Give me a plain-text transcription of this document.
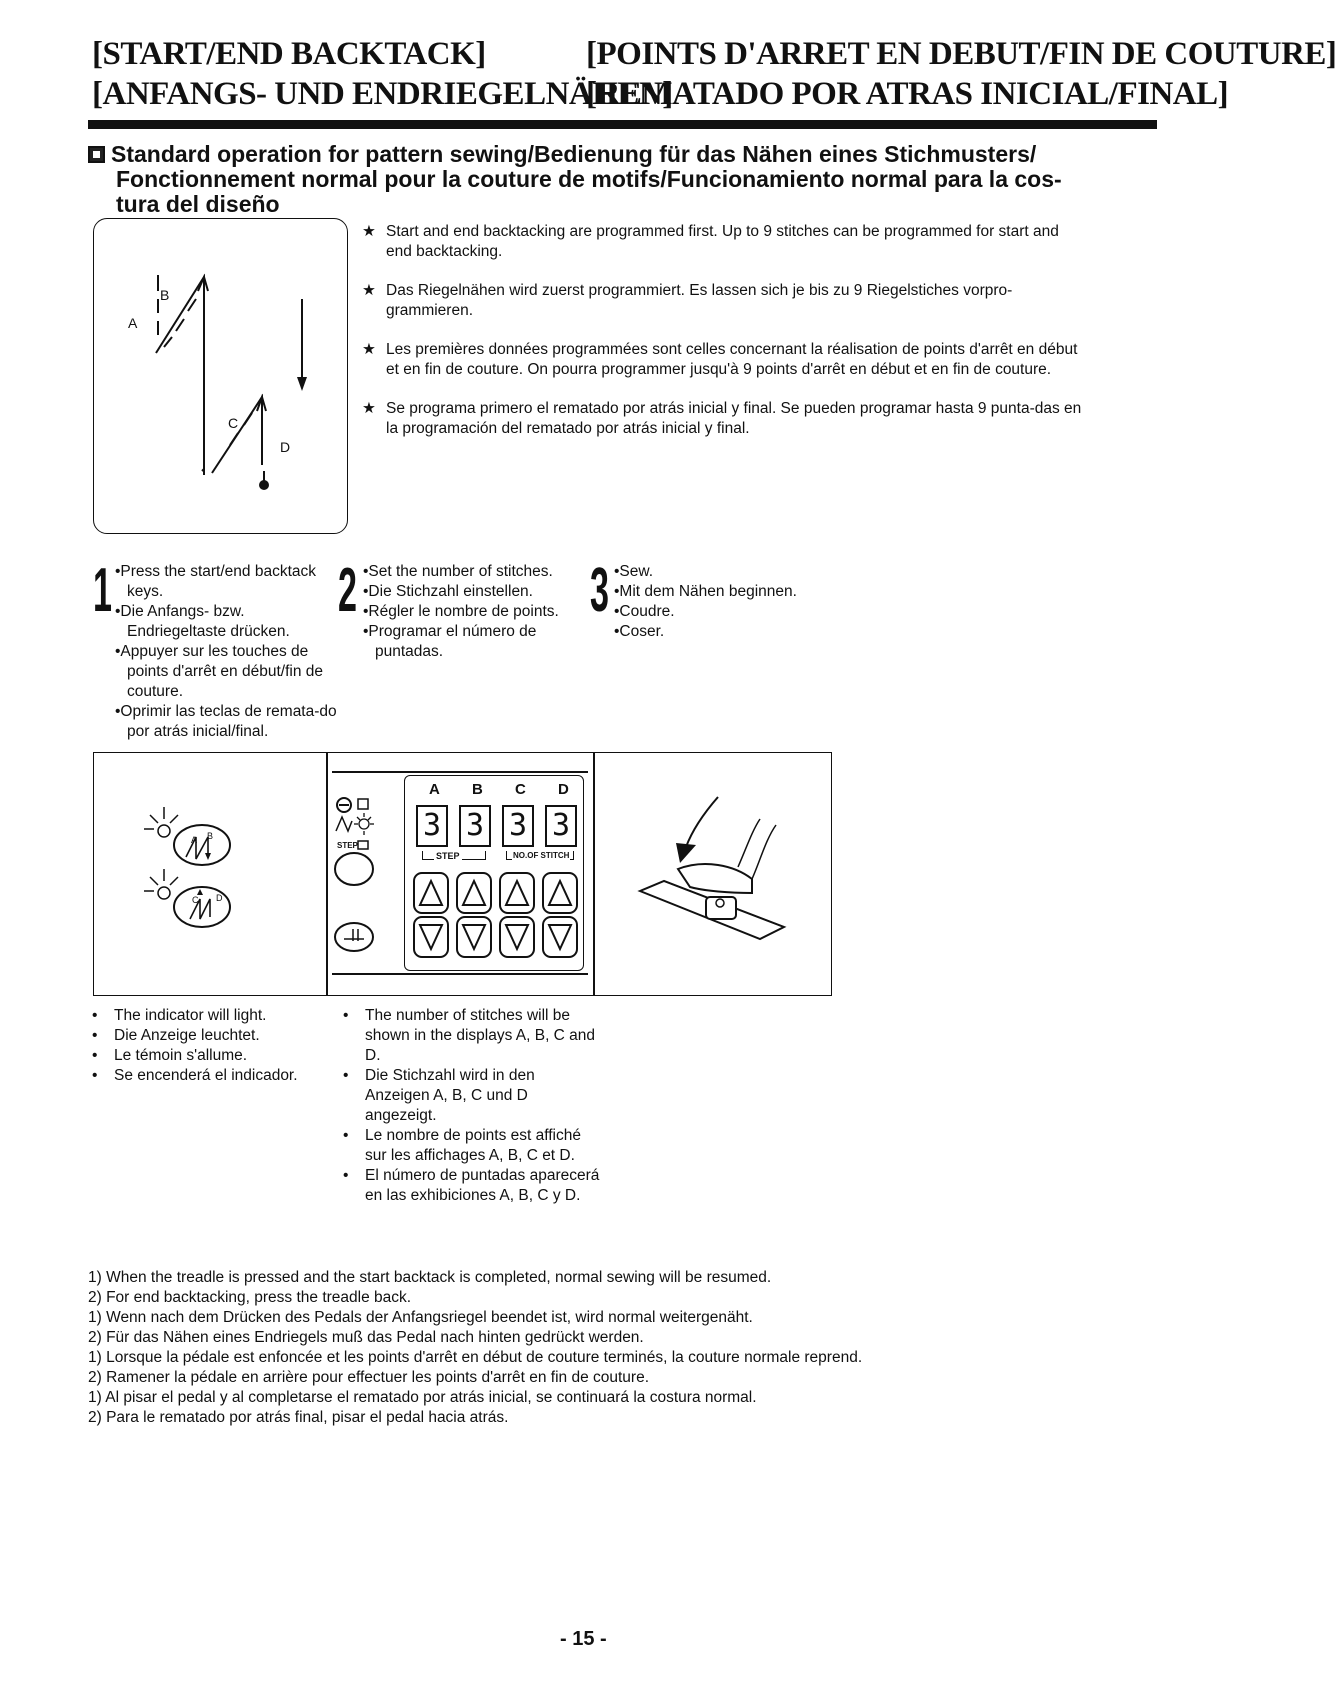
[START/END BACKTACK]	[POINTS D'ARRET EN DEBUT/FIN DE COUTURE]
[ANFANGS- UND ENDRIEGELNÄHEN]
[REMATADO POR ATRAS INICIAL/FINAL]
Standard operation for pattern sewing/Bedienung für das Nähen eines Stichmusters/
Fonctionnement normal pour la couture de motifs/Funcionamiento normal para la cos-
tura del diseño
A
B
C
D
★ Start and end backtacking are programmed first. Up to 9 stitches can be programmed for start and end backtacking.
★ Das Riegelnähen wird zuerst programmiert. Es lassen sich je bis zu 9 Riegelstiches vorpro-grammieren.
★ Les premières données programmées sont celles concernant la réalisation de points d'arrêt en début et en fin de couture. On pourra programmer jusqu'à 9 points d'arrêt en début et en fin de couture.
★ Se programa primero el rematado por atrás inicial y final. Se pueden programar hasta 9 punta-das en la programación del rematado por atrás inicial y final.
1 •Press the start/end backtack keys.
•Die Anfangs- bzw. Endriegeltaste drücken.
•Appuyer sur les touches de points d'arrêt en début/fin de couture.
•Oprimir las teclas de remata-do por atrás inicial/final.
2 •Set the number of stitches.
•Die Stichzahl einstellen.
•Régler le nombre de points.
•Programar el número de puntadas.
3 •Sew.
•Mit dem Nähen beginnen.
•Coudre.
•Coser.
A B
C D
A B C D
3 3 3 3
STEP	NO.OF STITCH
STEP
• The indicator will light.
• Die Anzeige leuchtet.
• Le témoin s'allume.
• Se encenderá el indicador.
• The number of stitches will be shown in the displays A, B, C and D.
• Die Stichzahl wird in den Anzeigen A, B, C und D angezeigt.
• Le nombre de points est affiché sur les affichages A, B, C et D.
• El número de puntadas aparecerá en las exhibiciones A, B, C y D.
1) When the treadle is pressed and the start backtack is completed, normal sewing will be resumed.
2) For end backtacking, press the treadle back.
1) Wenn nach dem Drücken des Pedals der Anfangsriegel beendet ist, wird normal weitergenäht.
2) Für das Nähen eines Endriegels muß das Pedal nach hinten gedrückt werden.
1) Lorsque la pédale est enfoncée et les points d'arrêt en début de couture terminés, la couture normale reprend.
2) Ramener la pédale en arrière pour effectuer les points d'arrêt en fin de couture.
1) Al pisar el pedal y al completarse el rematado por atrás inicial, se continuará la costura normal.
2) Para le rematado por atrás final, pisar el pedal hacia atrás.
- 15 -
